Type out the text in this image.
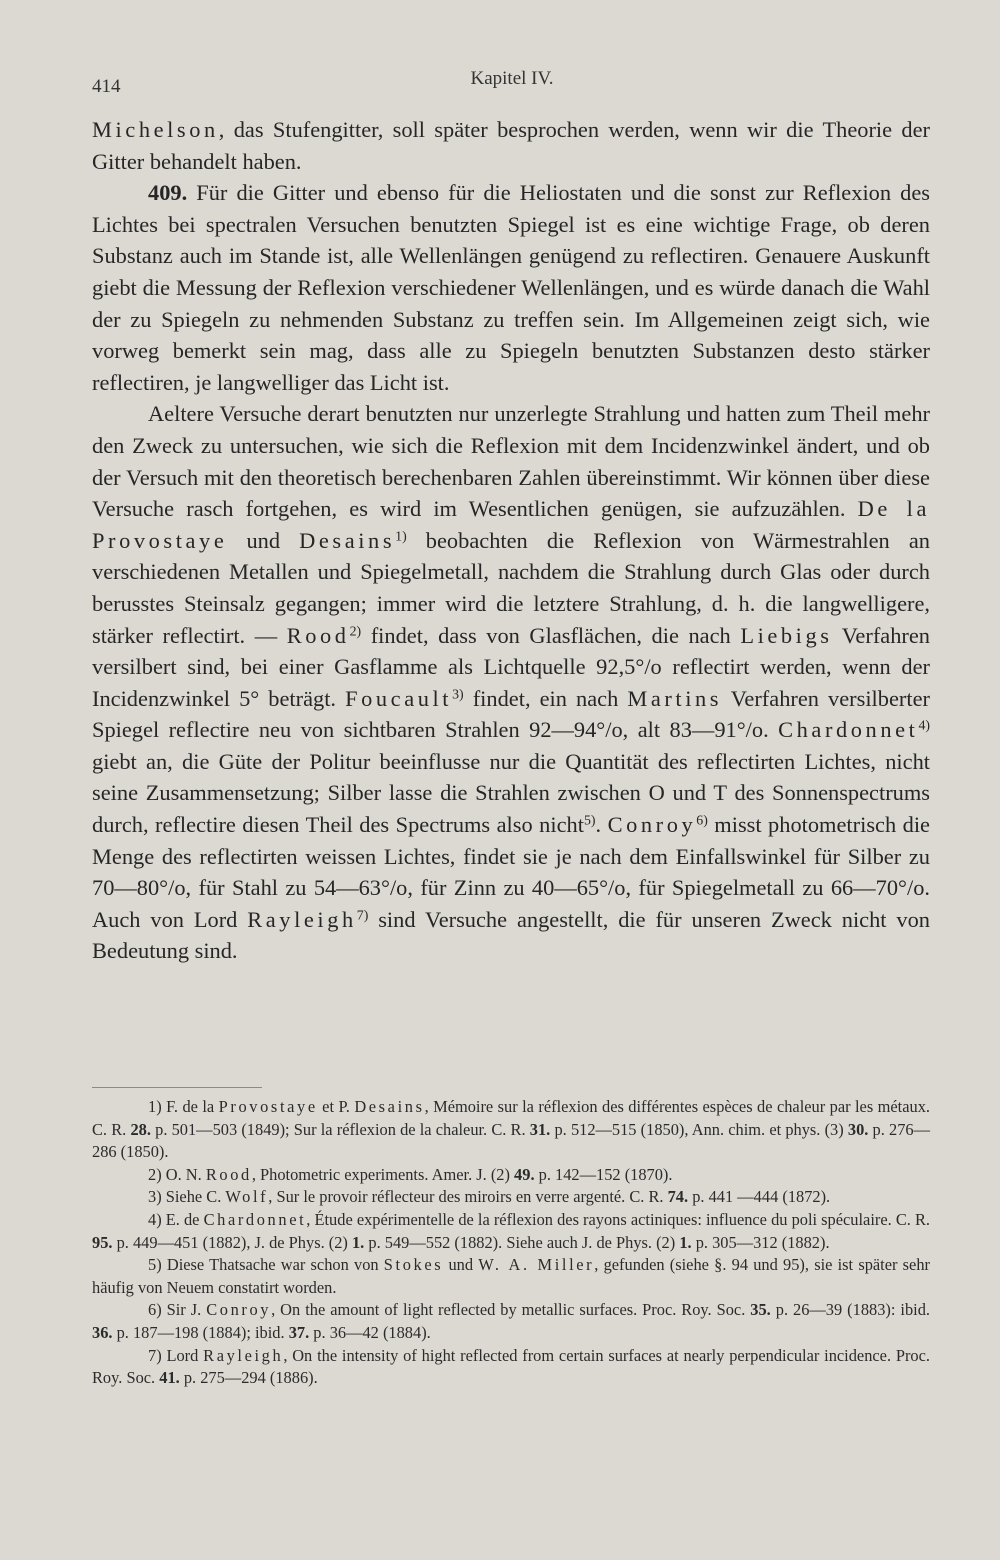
414	Kapitel IV.

Michelson, das Stufengitter, soll später besprochen werden, wenn wir die Theorie der Gitter behandelt haben.

409. Für die Gitter und ebenso für die Heliostaten und die sonst zur Reflexion des Lichtes bei spectralen Versuchen benutzten Spiegel ist es eine wichtige Frage, ob deren Substanz auch im Stande ist, alle Wellenlängen genügend zu reflectiren. Genauere Auskunft giebt die Messung der Reflexion verschiedener Wellenlängen, und es würde danach die Wahl der zu Spiegeln zu nehmenden Substanz zu treffen sein. Im Allgemeinen zeigt sich, wie vorweg bemerkt sein mag, dass alle zu Spiegeln benutzten Substanzen desto stärker reflectiren, je langwelliger das Licht ist.

Aeltere Versuche derart benutzten nur unzerlegte Strahlung und hatten zum Theil mehr den Zweck zu untersuchen, wie sich die Reflexion mit dem Incidenzwinkel ändert, und ob der Versuch mit den theoretisch berechenbaren Zahlen übereinstimmt. Wir können über diese Versuche rasch fortgehen, es wird im Wesentlichen genügen, sie aufzuzählen. De la Provostaye und Desains$^{1)}$ beobachten die Reflexion von Wärmestrahlen an verschiedenen Metallen und Spiegelmetall, nachdem die Strahlung durch Glas oder durch berusstes Steinsalz gegangen; immer wird die letztere Strahlung, d. h. die langwelligere, stärker reflectirt. — Rood$^{2)}$ findet, dass von Glasflächen, die nach Liebigs Verfahren versilbert sind, bei einer Gasflamme als Lichtquelle 92,5°/o reflectirt werden, wenn der Incidenzwinkel 5° beträgt. Foucault$^{3)}$ findet, ein nach Martins Verfahren versilberter Spiegel reflectire neu von sichtbaren Strahlen 92—94°/o, alt 83—91°/o. Chardonnet$^{4)}$ giebt an, die Güte der Politur beeinflusse nur die Quantität des reflectirten Lichtes, nicht seine Zusammensetzung; Silber lasse die Strahlen zwischen O und T des Sonnenspectrums durch, reflectire diesen Theil des Spectrums also nicht$^{5)}$. Conroy$^{6)}$ misst photometrisch die Menge des reflectirten weissen Lichtes, findet sie je nach dem Einfallswinkel für Silber zu 70—80°/o, für Stahl zu 54—63°/o, für Zinn zu 40—65°/o, für Spiegelmetall zu 66—70°/o. Auch von Lord Rayleigh$^{7)}$ sind Versuche angestellt, die für unseren Zweck nicht von Bedeutung sind.

1) F. de la Provostaye et P. Desains, Mémoire sur la réflexion des différentes espèces de chaleur par les métaux. C. R. 28. p. 501—503 (1849); Sur la réflexion de la chaleur. C. R. 31. p. 512—515 (1850), Ann. chim. et phys. (3) 30. p. 276—286 (1850).

2) O. N. Rood, Photometric experiments. Amer. J. (2) 49. p. 142—152 (1870).

3) Siehe C. Wolf, Sur le provoir réflecteur des miroirs en verre argenté. C. R. 74. p. 441 —444 (1872).

4) E. de Chardonnet, Étude expérimentelle de la réflexion des rayons actiniques: influence du poli spéculaire. C. R. 95. p. 449—451 (1882), J. de Phys. (2) 1. p. 549—552 (1882). Siehe auch J. de Phys. (2) 1. p. 305—312 (1882).

5) Diese Thatsache war schon von Stokes und W. A. Miller, gefunden (siehe §. 94 und 95), sie ist später sehr häufig von Neuem constatirt worden.

6) Sir J. Conroy, On the amount of light reflected by metallic surfaces. Proc. Roy. Soc. 35. p. 26—39 (1883): ibid. 36. p. 187—198 (1884); ibid. 37. p. 36—42 (1884).

7) Lord Rayleigh, On the intensity of hight reflected from certain surfaces at nearly perpendicular incidence. Proc. Roy. Soc. 41. p. 275—294 (1886).
